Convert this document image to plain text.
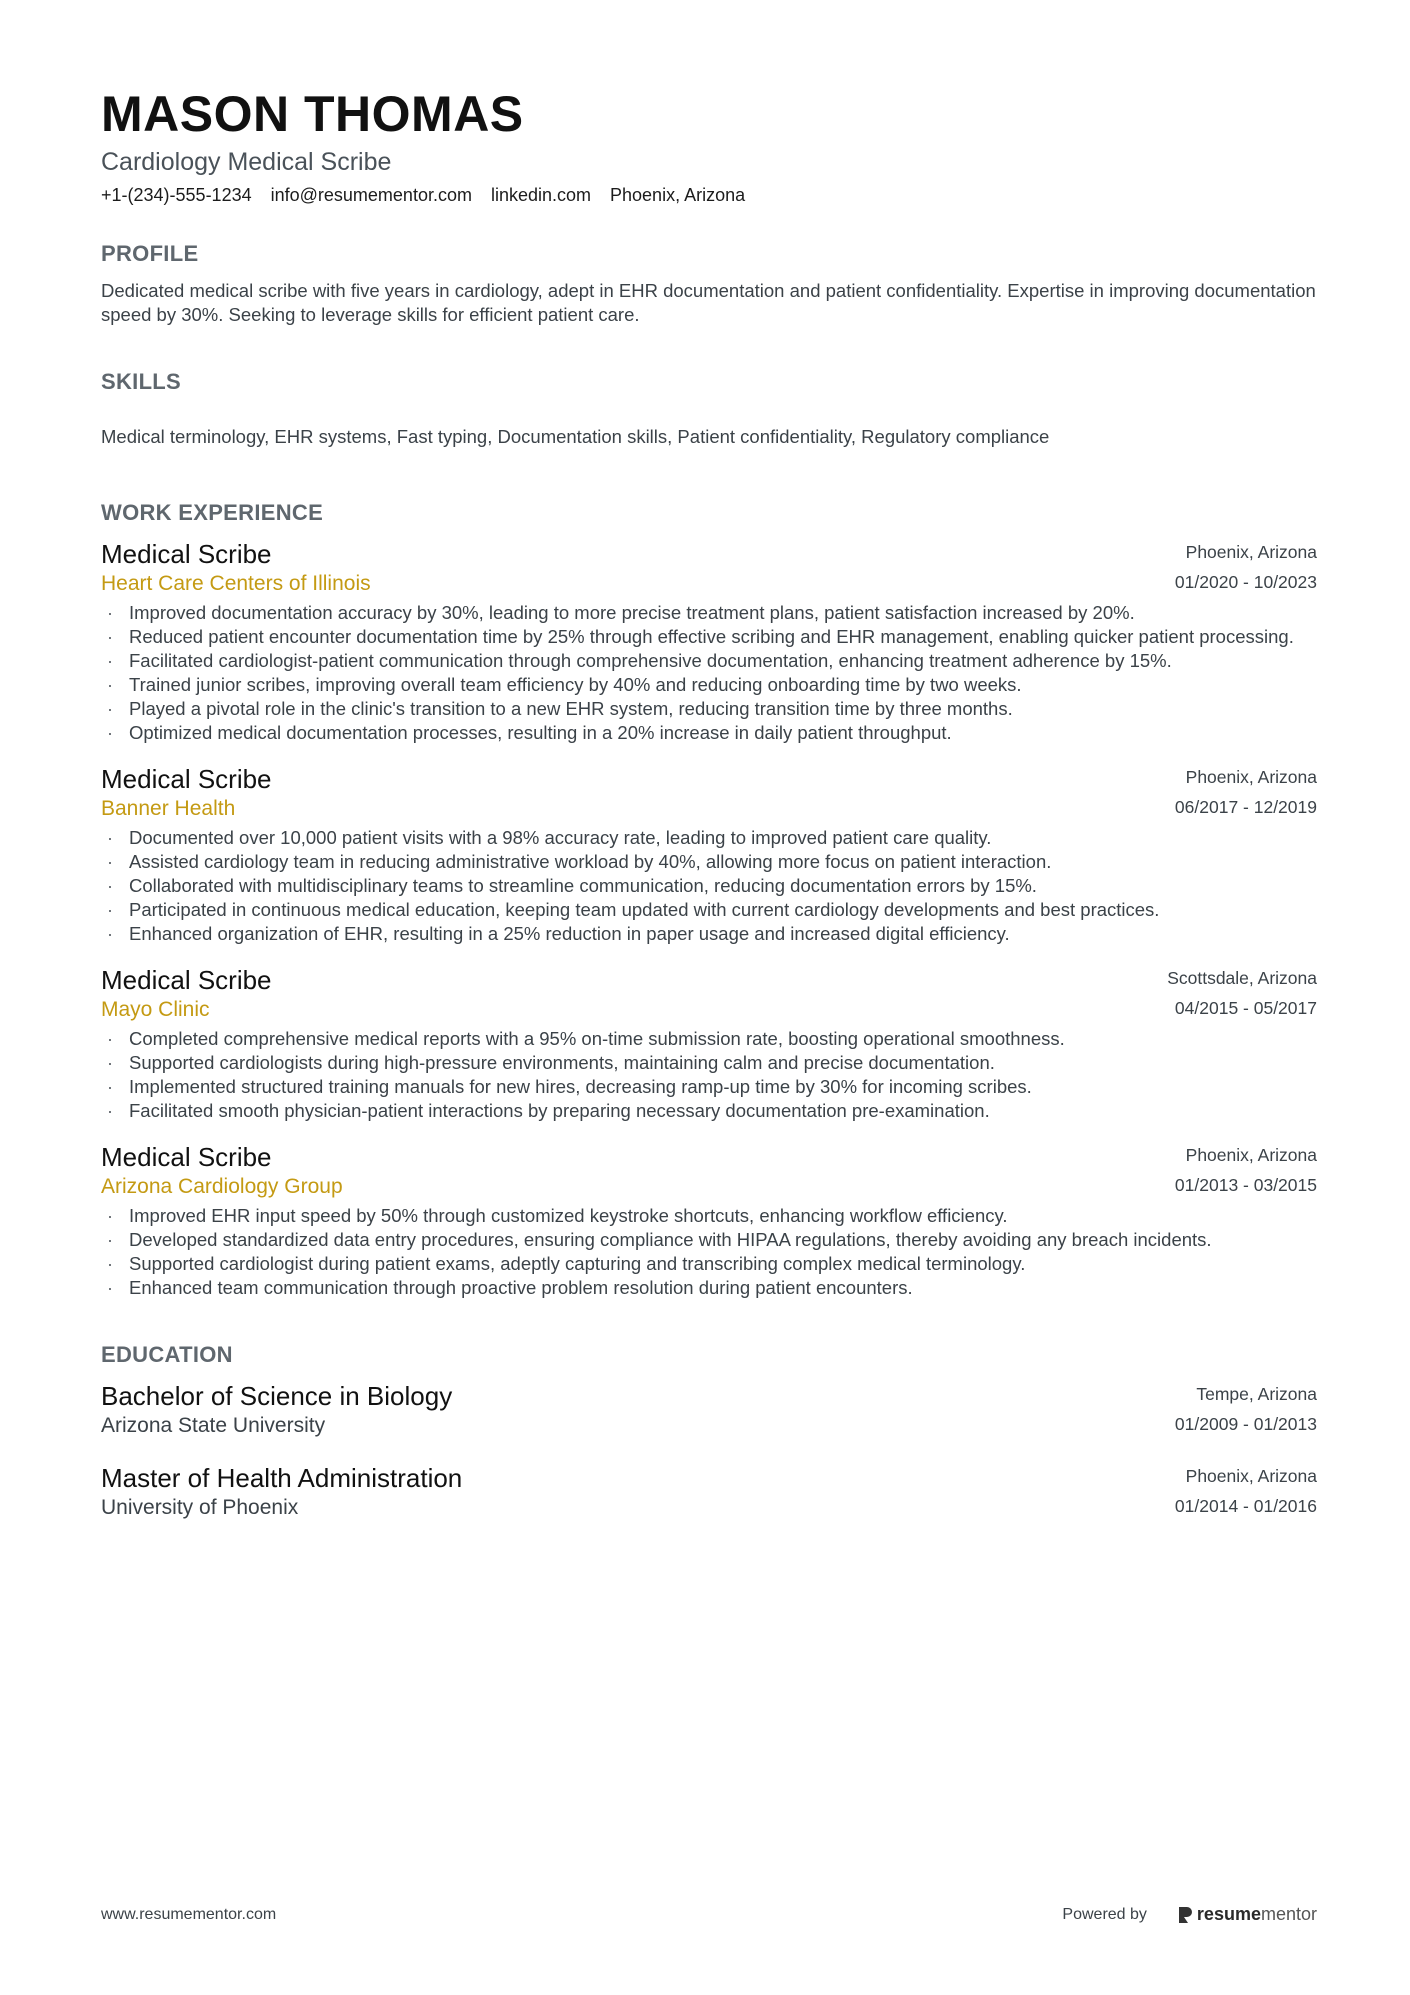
MASON THOMAS
Cardiology Medical Scribe
+1-(234)-555-1234 info@resumementor.com linkedin.com Phoenix, Arizona
PROFILE
Dedicated medical scribe with five years in cardiology, adept in EHR documentation and patient confidentiality. Expertise in improving documentation speed by 30%. Seeking to leverage skills for efficient patient care.
SKILLS
Medical terminology, EHR systems, Fast typing, Documentation skills, Patient confidentiality, Regulatory compliance
WORK EXPERIENCE
Medical Scribe
Heart Care Centers of Illinois
Phoenix, Arizona
01/2020 - 10/2023
· Improved documentation accuracy by 30%, leading to more precise treatment plans, patient satisfaction increased by 20%.
· Reduced patient encounter documentation time by 25% through effective scribing and EHR management, enabling quicker patient processing.
· Facilitated cardiologist-patient communication through comprehensive documentation, enhancing treatment adherence by 15%.
· Trained junior scribes, improving overall team efficiency by 40% and reducing onboarding time by two weeks.
· Played a pivotal role in the clinic's transition to a new EHR system, reducing transition time by three months.
· Optimized medical documentation processes, resulting in a 20% increase in daily patient throughput.
Medical Scribe
Banner Health
Phoenix, Arizona
06/2017 - 12/2019
· Documented over 10,000 patient visits with a 98% accuracy rate, leading to improved patient care quality.
· Assisted cardiology team in reducing administrative workload by 40%, allowing more focus on patient interaction.
· Collaborated with multidisciplinary teams to streamline communication, reducing documentation errors by 15%.
· Participated in continuous medical education, keeping team updated with current cardiology developments and best practices.
· Enhanced organization of EHR, resulting in a 25% reduction in paper usage and increased digital efficiency.
Medical Scribe
Mayo Clinic
Scottsdale, Arizona
04/2015 - 05/2017
· Completed comprehensive medical reports with a 95% on-time submission rate, boosting operational smoothness.
· Supported cardiologists during high-pressure environments, maintaining calm and precise documentation.
· Implemented structured training manuals for new hires, decreasing ramp-up time by 30% for incoming scribes.
· Facilitated smooth physician-patient interactions by preparing necessary documentation pre-examination.
Medical Scribe
Arizona Cardiology Group
Phoenix, Arizona
01/2013 - 03/2015
· Improved EHR input speed by 50% through customized keystroke shortcuts, enhancing workflow efficiency.
· Developed standardized data entry procedures, ensuring compliance with HIPAA regulations, thereby avoiding any breach incidents.
· Supported cardiologist during patient exams, adeptly capturing and transcribing complex medical terminology.
· Enhanced team communication through proactive problem resolution during patient encounters.
EDUCATION
Bachelor of Science in Biology
Arizona State University
Tempe, Arizona
01/2009 - 01/2013
Master of Health Administration
University of Phoenix
Phoenix, Arizona
01/2014 - 01/2016
www.resumementor.com	Powered by	resume mentor
